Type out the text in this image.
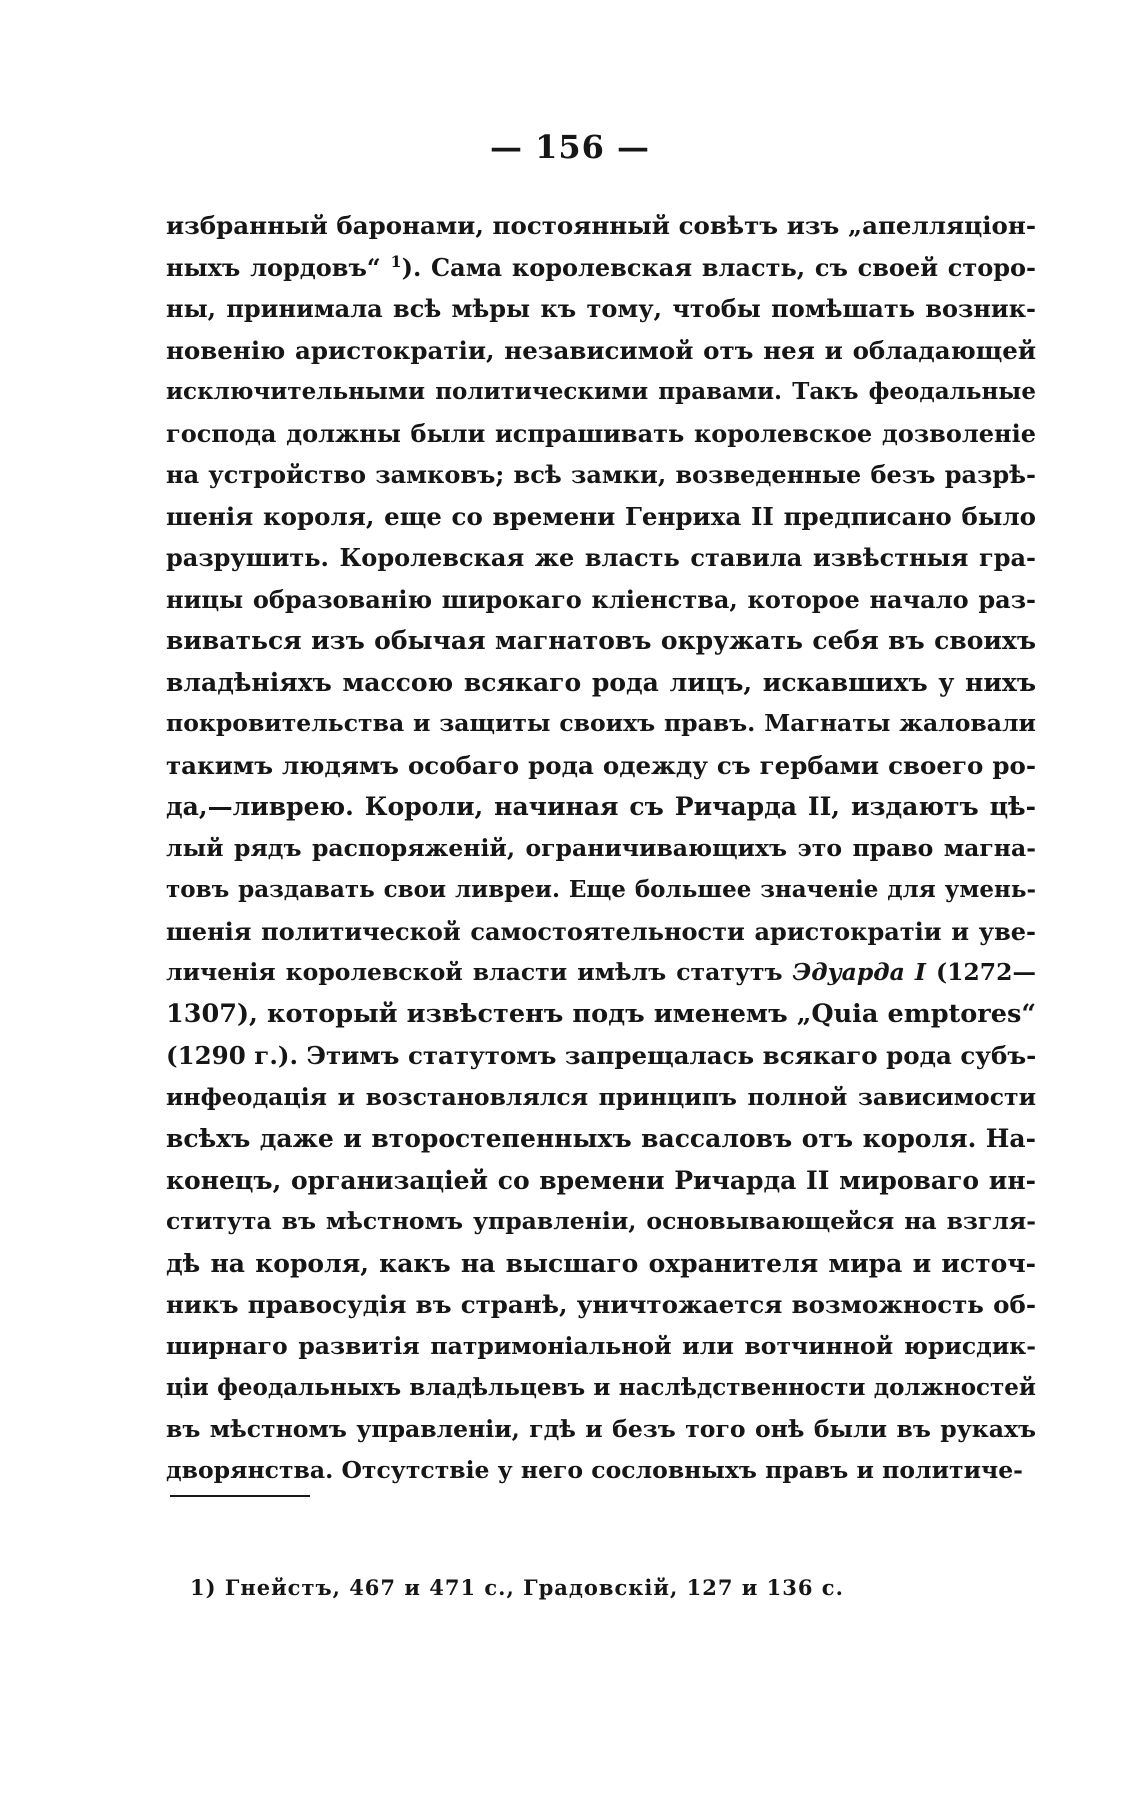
— 156 —
избранный баронами, постоянный совѣтъ изъ „апелляціон-
ныхъ лордовъ“ $^1$). Сама королевская власть, съ своей сторо-
ны, принимала всѣ мѣры къ тому, чтобы помѣшать возник-
новенію аристократіи, независимой отъ нея и обладающей
исключительными политическими правами. Такъ феодальные
господа должны были испрашивать королевское дозволеніе
на устройство замковъ; всѣ замки, возведенные безъ разрѣ-
шенія короля, еще со времени Генриха II предписано было
разрушить. Королевская же власть ставила извѣстныя гра-
ницы образованію широкаго кліенства, которое начало раз-
виваться изъ обычая магнатовъ окружать себя въ своихъ
владѣніяхъ массою всякаго рода лицъ, искавшихъ у нихъ
покровительства и защиты своихъ правъ. Магнаты жаловали
такимъ людямъ особаго рода одежду съ гербами своего ро-
да,—ливрею. Короли, начиная съ Ричарда II, издаютъ цѣ-
лый рядъ распоряженій, ограничивающихъ это право магна-
товъ раздавать свои ливреи. Еще большее значеніе для умень-
шенія политической самостоятельности аристократіи и уве-
личенія королевской власти имѣлъ статутъ Эдуарда I (1272—
1307), который извѣстенъ подъ именемъ „Quia emptores“
(1290 г.). Этимъ статутомъ запрещалась всякаго рода субъ-
инфеодація и возстановлялся принципъ полной зависимости
всѣхъ даже и второстепенныхъ вассаловъ отъ короля. На-
конецъ, организаціей со времени Ричарда II мироваго ин-
ститута въ мѣстномъ управленіи, основывающейся на взгля-
дѣ на короля, какъ на высшаго охранителя мира и источ-
никъ правосудія въ странѣ, уничтожается возможность об-
ширнаго развитія патримоніальной или вотчинной юрисдик-
ціи феодальныхъ владѣльцевъ и наслѣдственности должностей
въ мѣстномъ управленіи, гдѣ и безъ того онѣ были въ рукахъ
дворянства. Отсутствіе у него сословныхъ правъ и политиче-
1) Гнейстъ, 467 и 471 с., Градовскій, 127 и 136 с.
